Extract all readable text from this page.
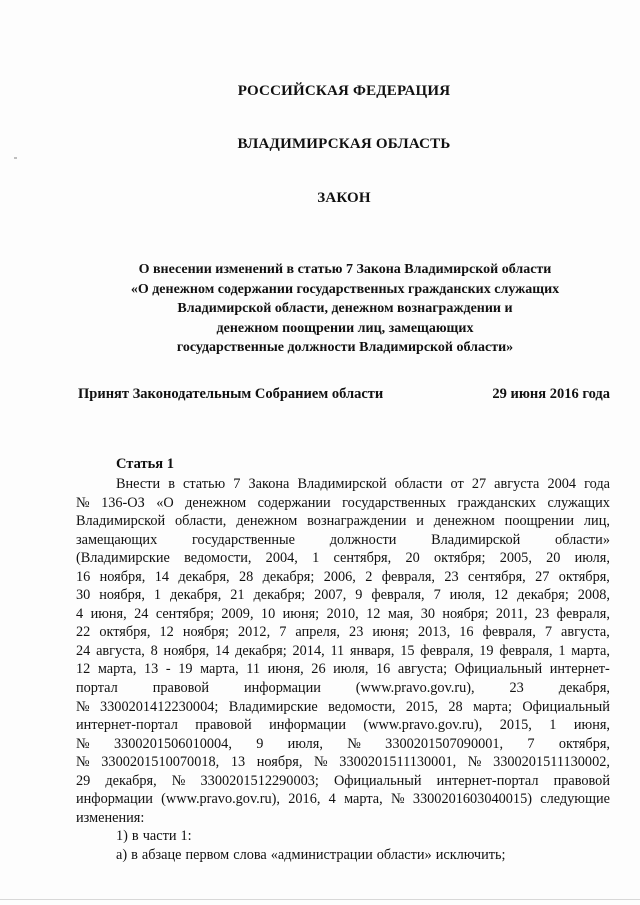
РОССИЙСКАЯ ФЕДЕРАЦИЯ
ВЛАДИМИРСКАЯ ОБЛАСТЬ
ЗАКОН
О внесении изменений в статью 7 Закона Владимирской области
«О денежном содержании государственных гражданских служащих
Владимирской области, денежном вознаграждении и
денежном поощрении лиц, замещающих
государственные должности Владимирской области»
Принят Законодательным Собранием области	29 июня 2016 года
Статья 1
Внести в статью 7 Закона Владимирской области от 27 августа 2004 года
№ 136-ОЗ «О денежном содержании государственных гражданских служащих
Владимирской области, денежном вознаграждении и денежном поощрении лиц,
замещающих государственные должности Владимирской области»
(Владимирские ведомости, 2004, 1 сентября, 20 октября; 2005, 20 июля,
16 ноября, 14 декабря, 28 декабря; 2006, 2 февраля, 23 сентября, 27 октября,
30 ноября, 1 декабря, 21 декабря; 2007, 9 февраля, 7 июля, 12 декабря; 2008,
4 июня, 24 сентября; 2009, 10 июня; 2010, 12 мая, 30 ноября; 2011, 23 февраля,
22 октября, 12 ноября; 2012, 7 апреля, 23 июня; 2013, 16 февраля, 7 августа,
24 августа, 8 ноября, 14 декабря; 2014, 11 января, 15 февраля, 19 февраля, 1 марта,
12 марта, 13 - 19 марта, 11 июня, 26 июля, 16 августа; Официальный интернет-
портал правовой информации (www.pravo.gov.ru), 23 декабря,
№ 3300201412230004; Владимирские ведомости, 2015, 28 марта; Официальный
интернет-портал правовой информации (www.pravo.gov.ru), 2015, 1 июня,
№ 3300201506010004, 9 июля, № 3300201507090001, 7 октября,
№ 3300201510070018, 13 ноября, № 3300201511130001, № 3300201511130002,
29 декабря, № 3300201512290003; Официальный интернет-портал правовой
информации (www.pravo.gov.ru), 2016, 4 марта, № 3300201603040015) следующие
изменения:
1) в части 1:
а) в абзаце первом слова «администрации области» исключить;
